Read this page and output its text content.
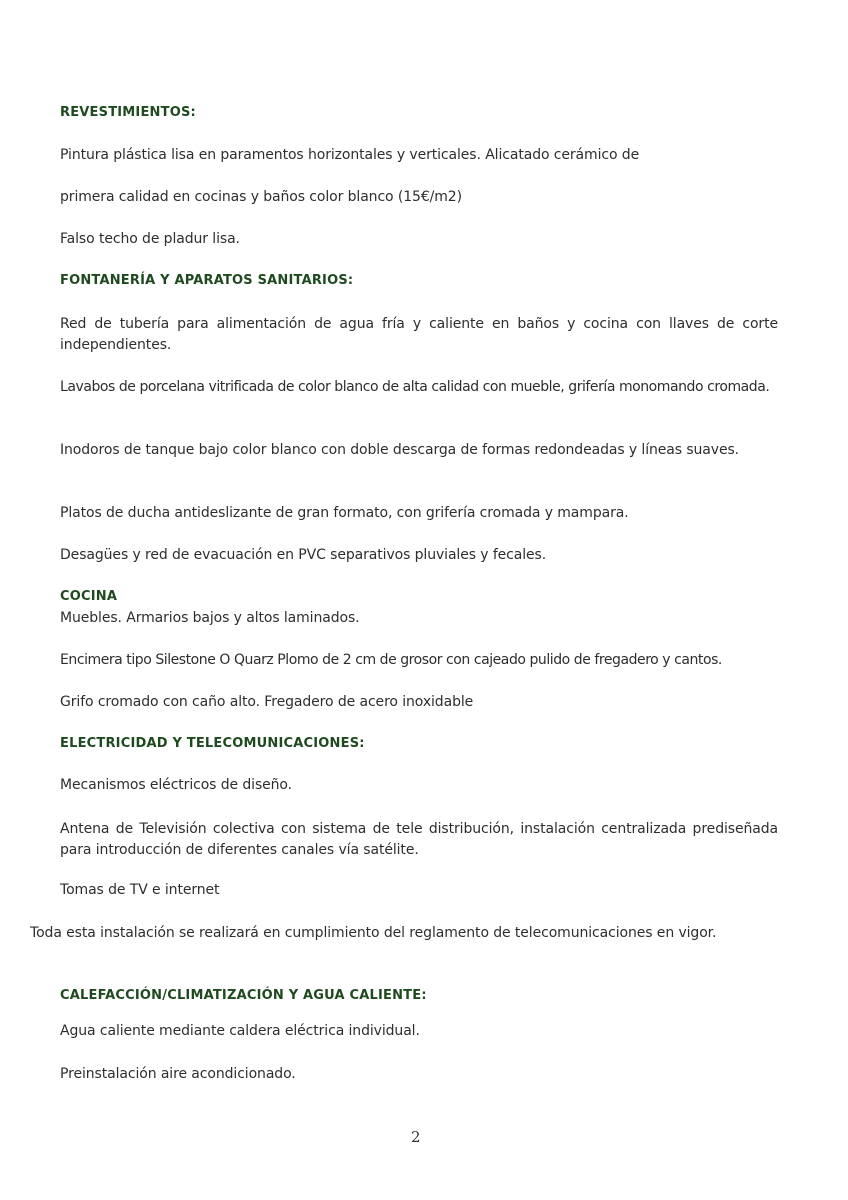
REVESTIMIENTOS:
Pintura plástica lisa en paramentos horizontales y verticales. Alicatado cerámico de
primera calidad en cocinas y baños color blanco (15€/m2)
Falso techo de pladur lisa.
FONTANERÍA Y APARATOS SANITARIOS:
Red de tubería para alimentación de agua fría y caliente en baños y cocina con llaves de corte independientes.
Lavabos de porcelana vitrificada de color blanco de alta calidad con mueble, grifería monomando cromada.
Inodoros de tanque bajo color blanco con doble descarga de formas redondeadas y líneas suaves.
Platos de ducha antideslizante de gran formato, con grifería cromada y mampara.
Desagües y red de evacuación en PVC separativos pluviales y fecales.
COCINA
Muebles. Armarios bajos y altos laminados.
Encimera tipo Silestone O Quarz Plomo de 2 cm de grosor con cajeado pulido de fregadero y cantos.
Grifo cromado con caño alto. Fregadero de acero inoxidable
ELECTRICIDAD Y TELECOMUNICACIONES:
Mecanismos eléctricos de diseño.
Antena de Televisión colectiva con sistema de tele distribución, instalación centralizada prediseñada para introducción de diferentes canales vía satélite.
Tomas de TV e internet
Toda esta instalación se realizará en cumplimiento del reglamento de telecomunicaciones en vigor.
CALEFACCIÓN/CLIMATIZACIÓN Y AGUA CALIENTE:
Agua caliente mediante caldera eléctrica individual.
Preinstalación aire acondicionado.
2
